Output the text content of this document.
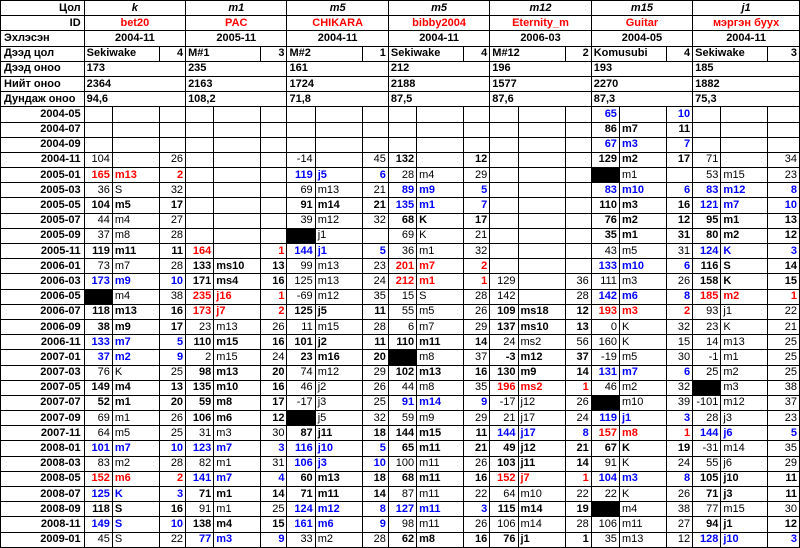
Цол	k			m1			m5			m5			m12			m15			j1		
ID	bet20			PAC			CHIKARA			bibby2004			Eternity_m			Guitar			мэргэн буух		
Эхлэсэн	2004-11			2005-11			2004-11			2004-11			2006-03			2004-05			2004-11		
Дээд цол	Sekiwake		4	M#1		3	M#2		1	Sekiwake		4	M#12		2	Komusubi		4	Sekiwake		3
Дээд оноо	173			235			161			212			196			193			185		
Нийт оноо	2364			2163			1724			2188			1577			2270			1882		
Дундаж оноо	94,6			108,2			71,8			87,5			87,6			87,3			75,3		
2004-05																65		10			
2004-07																86	m7	11			
2004-09																67	m3	7			
2004-11	104		26				-14		45	132		12				129	m2	17	71		34
2005-01	165	m13	2				119	j5	6	28	m4	29					m1		53	m15	23
2005-03	36	S	32				69	m13	21	89	m9	5				83	m10	6	83	m12	8
2005-05	104	m5	17				91	m14	21	135	m1	7				110	m3	16	121	m7	10
2005-07	44	m4	27				39	m12	32	68	K	17				76	m2	12	95	m1	13
2005-09	37	m8	28					j1		69	K	21				35	m1	31	80	m2	12
2005-11	119	m11	11	164		1	144	j1	5	36	m1	32				43	m5	31	124	K	3
2006-01	73	m7	28	133	ms10	13	99	m13	23	201	m7	2				133	m10	6	116	S	14
2006-03	173	m9	10	171	ms4	16	125	m13	24	212	m1	1	129		36	111	m3	26	158	K	15
2006-05		m4	38	235	j16	1	-69	m12	35	15	S	28	142		28	142	m6	8	185	m2	1
2006-07	118	m13	16	173	j7	2	125	j5	11	55	m5	26	109	ms18	12	193	m3	2	93	j1	22
2006-09	38	m9	17	23	m13	26	11	m15	28	6	m7	29	137	ms10	13	0	K	32	23	K	21
2006-11	133	m7	5	110	m15	16	101	j2	11	110	m11	14	24	ms2	56	160	K	15	14	m13	25
2007-01	37	m2	9	2	m15	24	23	m16	20		m8	37	-3	m12	37	-19	m5	30	-1	m1	25
2007-03	76	K	25	98	m13	20	74	m12	29	102	m13	16	130	m9	14	131	m7	6	25	m2	25
2007-05	149	m4	13	135	m10	16	46	j2	26	44	m8	35	196	ms2	1	46	m2	32		m3	38
2007-07	52	m1	20	59	m8	17	-17	j3	25	91	m14	9	-17	j12	26		m10	39	-101	m12	37
2007-09	69	m1	26	106	m6	12		j5	32	59	m9	29	21	j17	24	119	j1	3	28	j3	23
2007-11	64	m5	25	31	m3	30	87	j11	18	144	m15	11	144	j17	8	157	m8	1	144	j6	5
2008-01	101	m7	10	123	m7	3	116	j10	5	65	m11	21	49	j12	21	67	K	19	-31	m14	35
2008-03	83	m2	28	82	m1	31	106	j3	10	100	m11	26	103	j11	14	91	K	24	55	j6	29
2008-05	152	m6	2	141	m7	4	60	m13	18	68	m11	16	152	j7	1	104	m3	8	105	j10	11
2008-07	125	K	3	71	m1	14	71	m11	14	87	m11	22	64	m10	22	22	K	26	71	j3	11
2008-09	118	S	16	91	m1	25	124	m12	8	127	m11	3	115	m14	19		m4	38	77	m15	30
2008-11	149	S	10	138	m4	15	161	m6	9	98	m11	26	106	m14	28	106	m11	27	94	j1	12
2009-01	45	S	22	77	m3	9	33	m2	28	62	m8	16	76	j1	1	35	m13	12	128	j10	3
